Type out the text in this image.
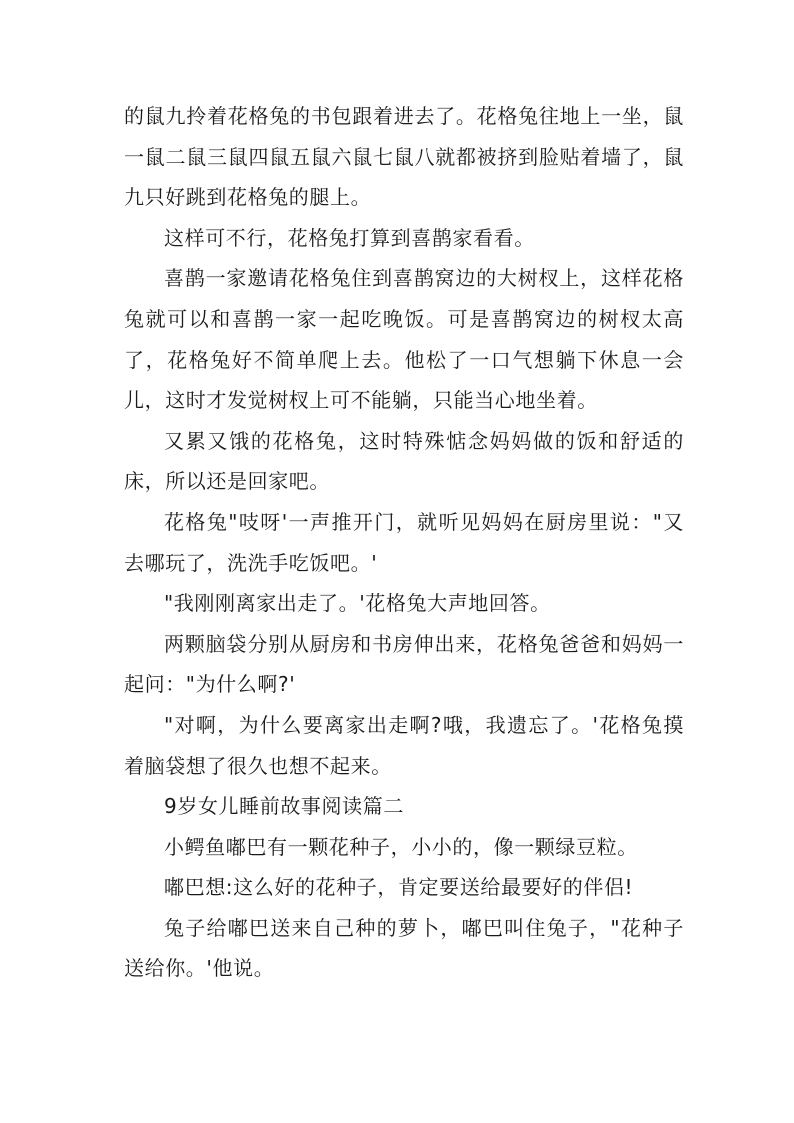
的鼠九拎着花格兔的书包跟着进去了。花格兔往地上一坐，鼠一鼠二鼠三鼠四鼠五鼠六鼠七鼠八就都被挤到脸贴着墙了，鼠九只好跳到花格兔的腿上。

这样可不行，花格兔打算到喜鹊家看看。

喜鹊一家邀请花格兔住到喜鹊窝边的大树杈上，这样花格兔就可以和喜鹊一家一起吃晚饭。可是喜鹊窝边的树杈太高了，花格兔好不简单爬上去。他松了一口气想躺下休息一会儿，这时才发觉树杈上可不能躺，只能当心地坐着。

又累又饿的花格兔，这时特殊惦念妈妈做的饭和舒适的床，所以还是回家吧。

花格兔"吱呀'一声推开门，就听见妈妈在厨房里说："又去哪玩了，洗洗手吃饭吧。'

"我刚刚离家出走了。'花格兔大声地回答。

两颗脑袋分别从厨房和书房伸出来，花格兔爸爸和妈妈一起问："为什么啊?'

"对啊，为什么要离家出走啊?哦，我遗忘了。'花格兔摸着脑袋想了很久也想不起来。

9岁女儿睡前故事阅读篇二

小鳄鱼嘟巴有一颗花种子，小小的，像一颗绿豆粒。

嘟巴想:这么好的花种子，肯定要送给最要好的伴侣!

兔子给嘟巴送来自己种的萝卜，嘟巴叫住兔子，"花种子送给你。'他说。
